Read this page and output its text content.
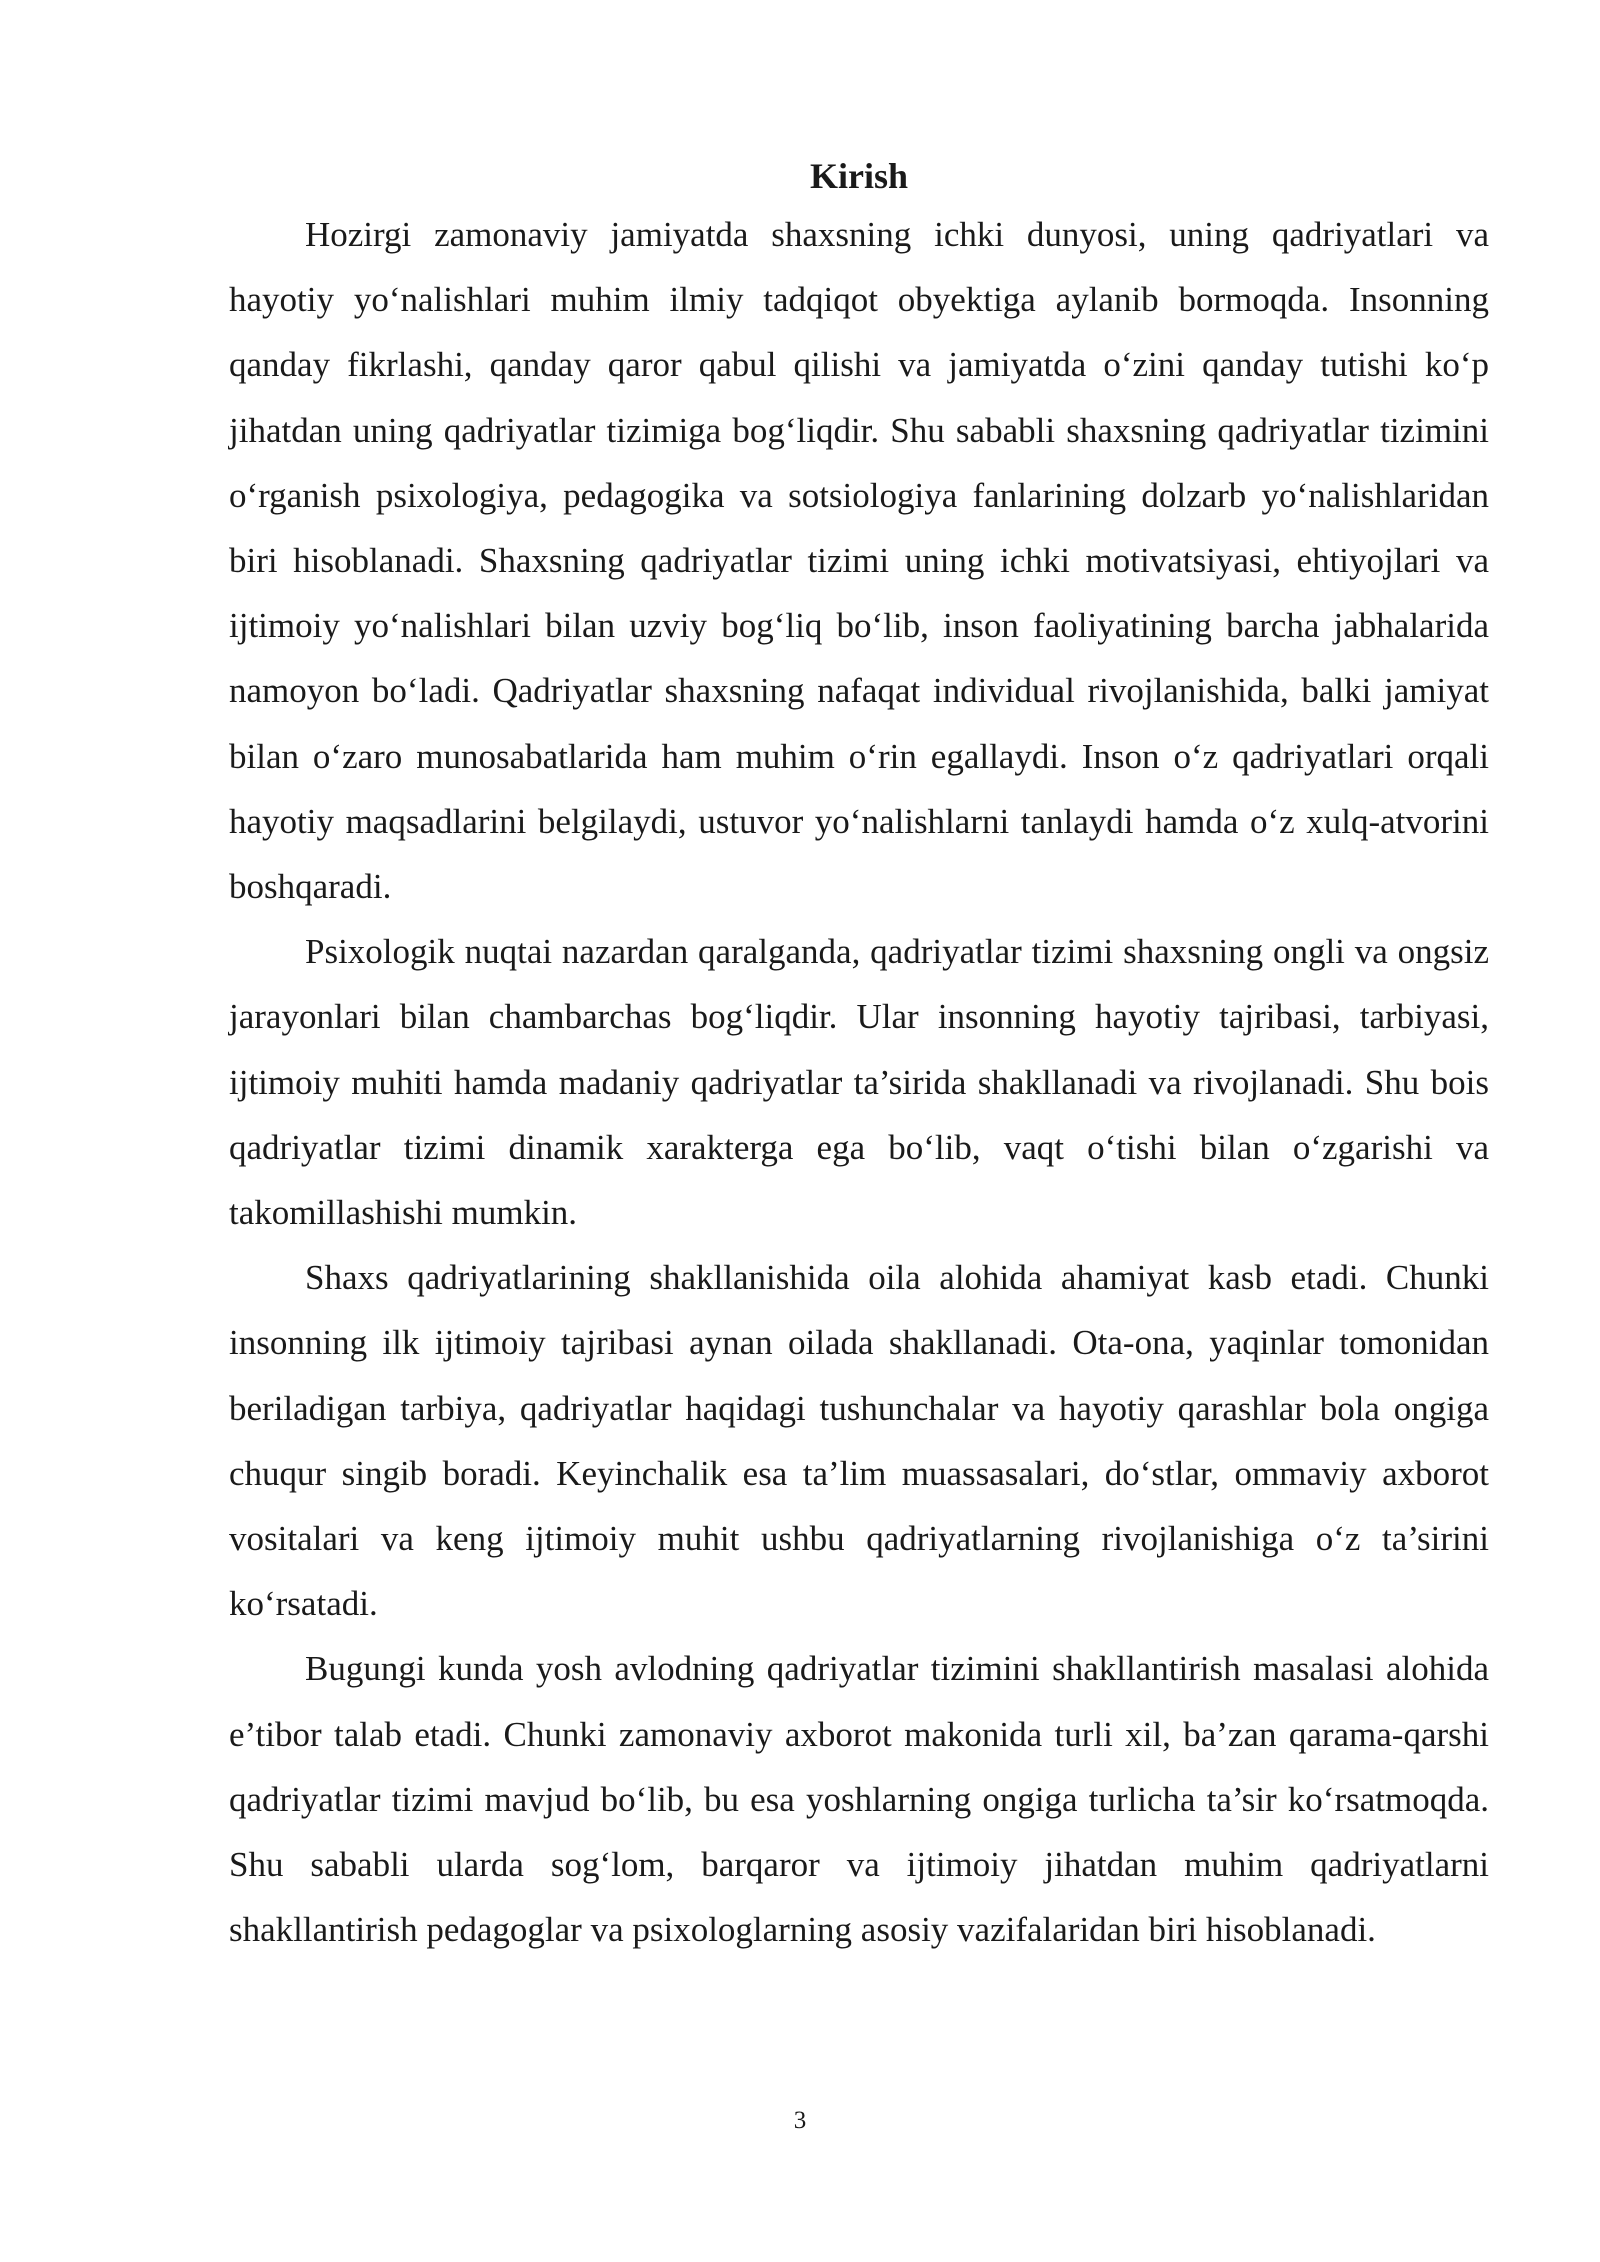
Kirish

Hozirgi zamonaviy jamiyatda shaxsning ichki dunyosi, uning qadriyatlari va hayotiy yo‘nalishlari muhim ilmiy tadqiqot obyektiga aylanib bormoqda. Insonning qanday fikrlashi, qanday qaror qabul qilishi va jamiyatda o‘zini qanday tutishi ko‘p jihatdan uning qadriyatlar tizimiga bog‘liqdir. Shu sababli shaxsning qadriyatlar tizimini o‘rganish psixologiya, pedagogika va sotsiologiya fanlarining dolzarb yo‘nalishlaridan biri hisoblanadi. Shaxsning qadriyatlar tizimi uning ichki motivatsiyasi, ehtiyojlari va ijtimoiy yo‘nalishlari bilan uzviy bog‘liq bo‘lib, inson faoliyatining barcha jabhalarida namoyon bo‘ladi. Qadriyatlar shaxsning nafaqat individual rivojlanishida, balki jamiyat bilan o‘zaro munosabatlarida ham muhim o‘rin egallaydi. Inson o‘z qadriyatlari orqali hayotiy maqsadlarini belgilaydi, ustuvor yo‘nalishlarni tanlaydi hamda o‘z xulq-atvorini boshqaradi.

Psixologik nuqtai nazardan qaralganda, qadriyatlar tizimi shaxsning ongli va ongsiz jarayonlari bilan chambarchas bog‘liqdir. Ular insonning hayotiy tajribasi, tarbiyasi, ijtimoiy muhiti hamda madaniy qadriyatlar ta’sirida shakllanadi va rivojlanadi. Shu bois qadriyatlar tizimi dinamik xarakterga ega bo‘lib, vaqt o‘tishi bilan o‘zgarishi va takomillashishi mumkin.

Shaxs qadriyatlarining shakllanishida oila alohida ahamiyat kasb etadi. Chunki insonning ilk ijtimoiy tajribasi aynan oilada shakllanadi. Ota-ona, yaqinlar tomonidan beriladigan tarbiya, qadriyatlar haqidagi tushunchalar va hayotiy qarashlar bola ongiga chuqur singib boradi. Keyinchalik esa ta’lim muassasalari, do‘stlar, ommaviy axborot vositalari va keng ijtimoiy muhit ushbu qadriyatlarning rivojlanishiga o‘z ta’sirini ko‘rsatadi.

Bugungi kunda yosh avlodning qadriyatlar tizimini shakllantirish masalasi alohida e’tibor talab etadi. Chunki zamonaviy axborot makonida turli xil, ba’zan qarama-qarshi qadriyatlar tizimi mavjud bo‘lib, bu esa yoshlarning ongiga turlicha ta’sir ko‘rsatmoqda. Shu sababli ularda sog‘lom, barqaror va ijtimoiy jihatdan muhim qadriyatlarni shakllantirish pedagoglar va psixologlarning asosiy vazifalaridan biri hisoblanadi.

3
